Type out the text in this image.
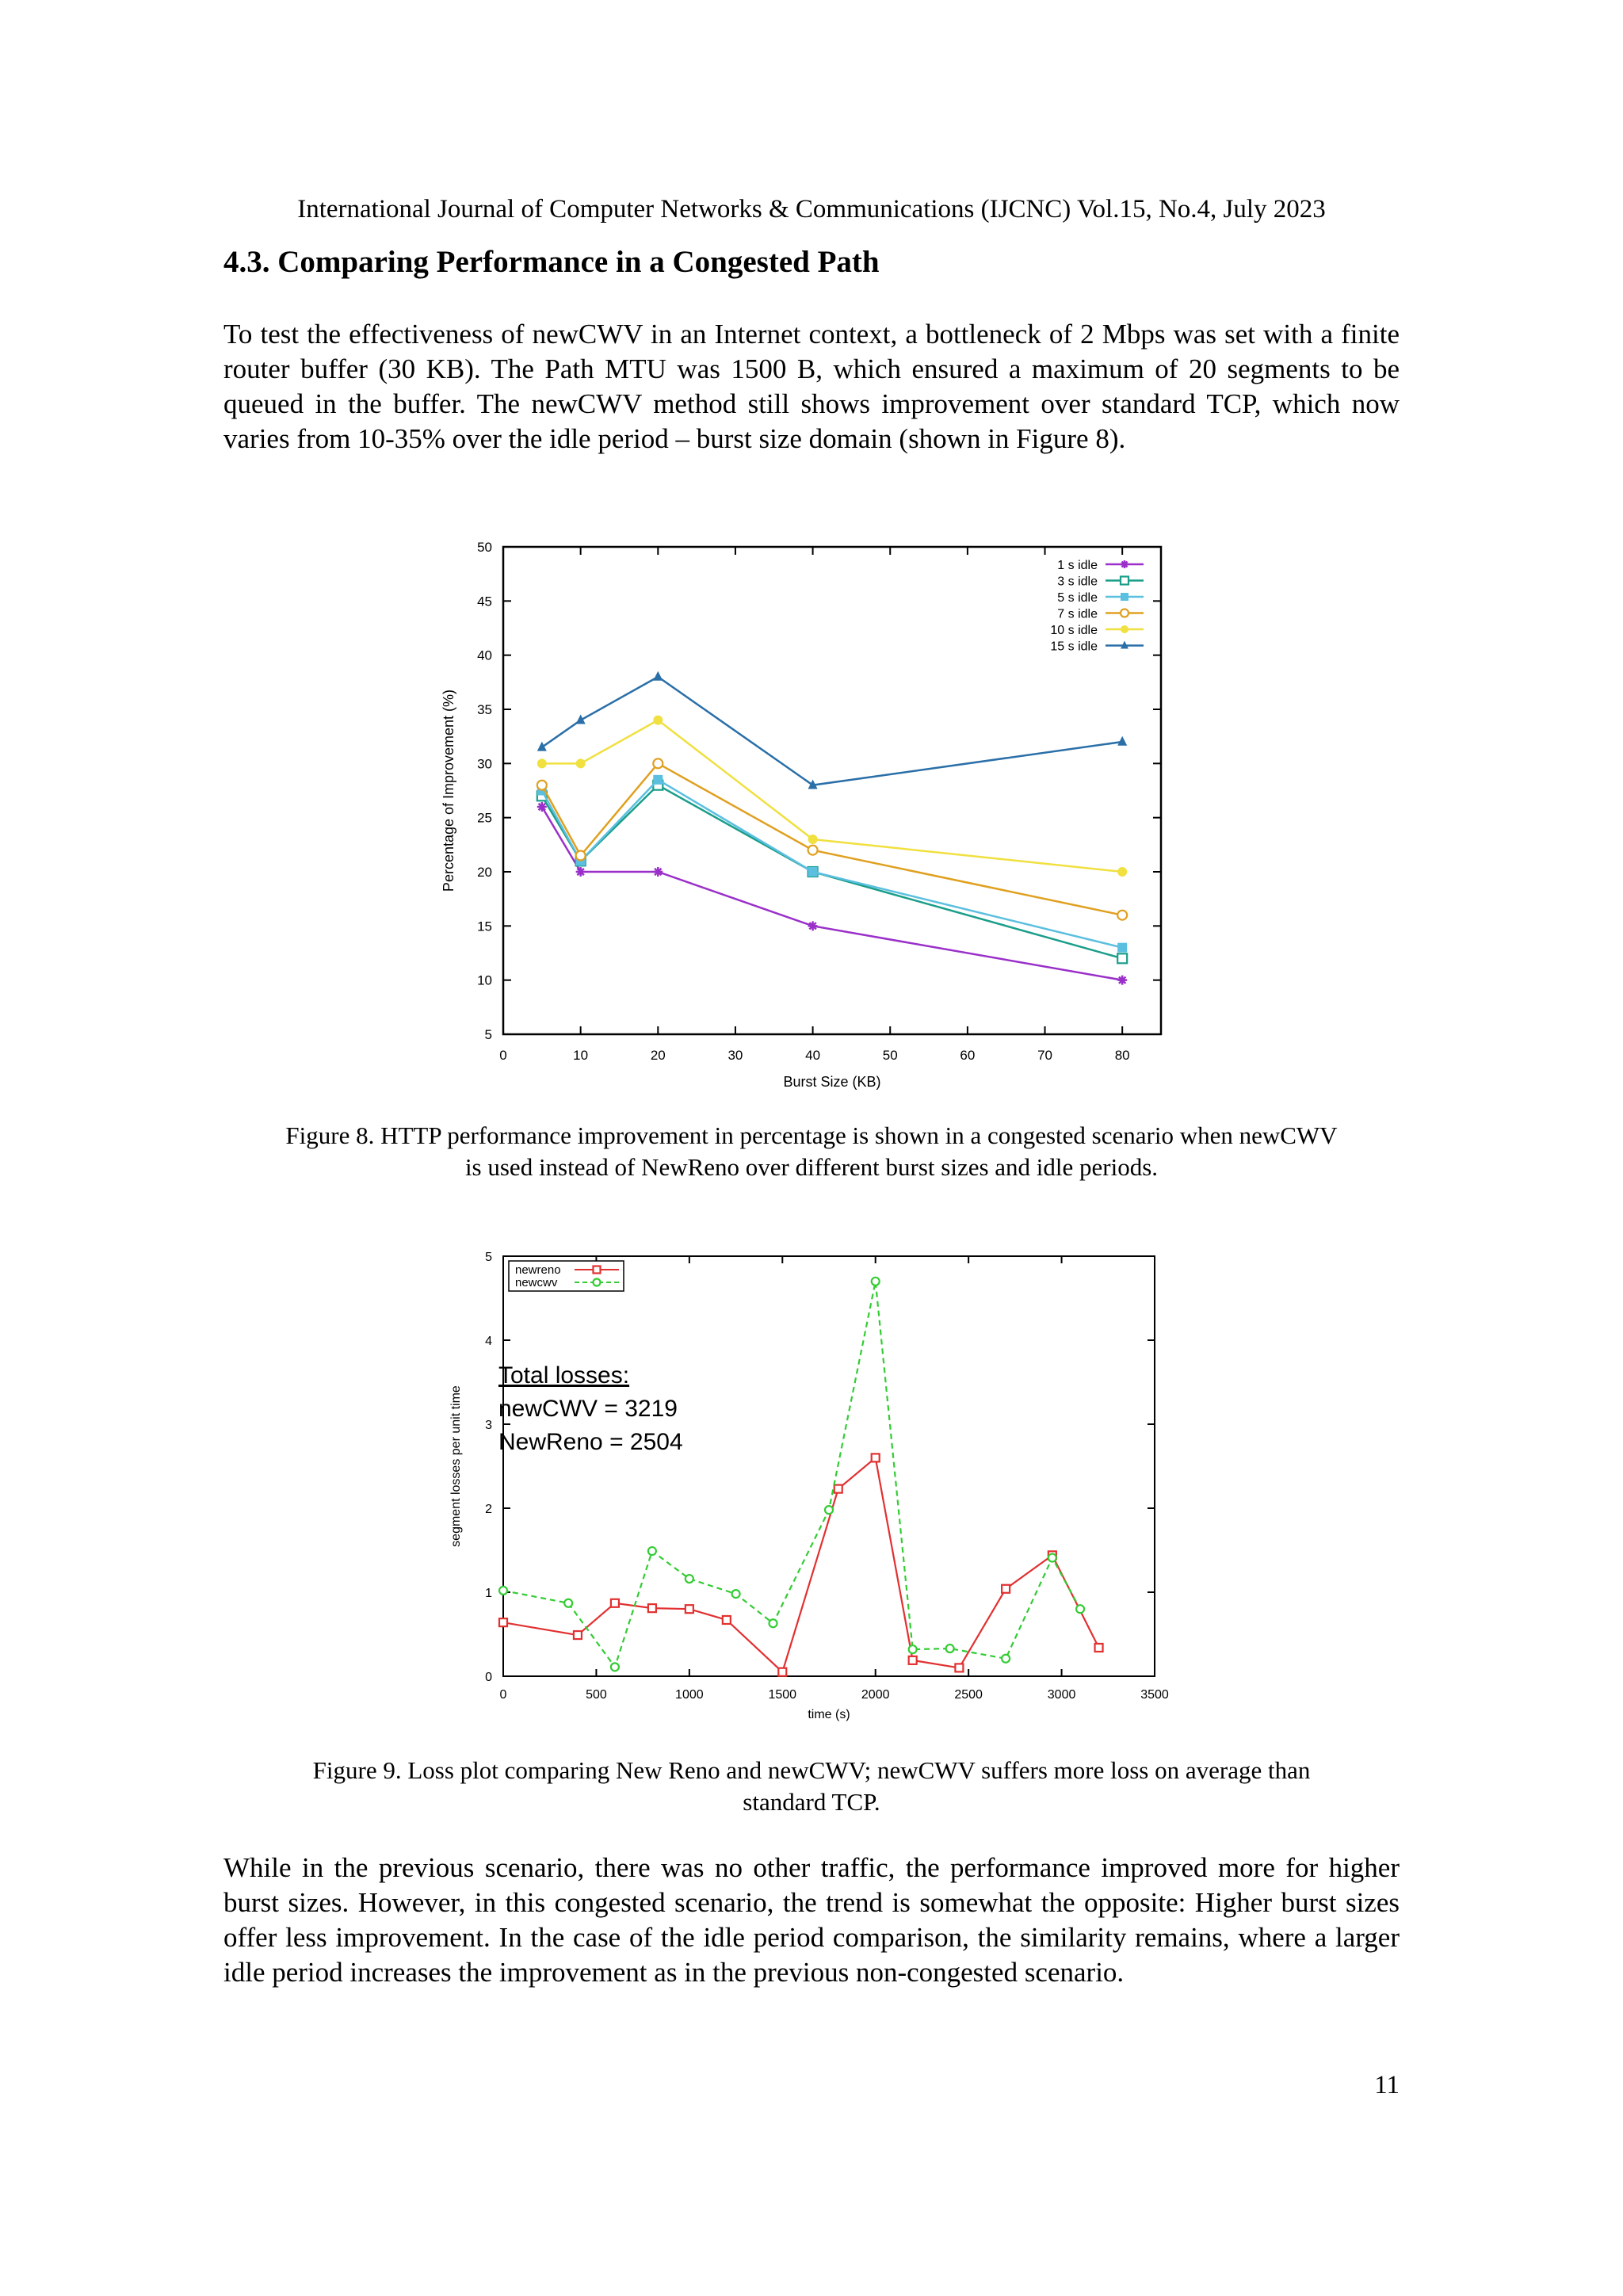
International Journal of Computer Networks & Communications (IJCNC) Vol.15, No.4, July 2023
4.3. Comparing Performance in a Congested Path
To test the effectiveness of newCWV in an Internet context, a bottleneck of 2 Mbps was set with a finite router buffer (30 KB). The Path MTU was 1500 B, which ensured a maximum of 20 segments to be queued in the buffer. The newCWV method still shows improvement over standard TCP, which now varies from 10-35% over the idle period – burst size domain (shown in Figure 8).
0	10	20	30	40	50	60	70	80
5
10
15
20
25
30
35
40
45
50
Burst Size (KB)
Percentage of Improvement (%)
1 s idle
3 s idle
5 s idle
7 s idle
10 s idle
15 s idle
Figure 8. HTTP performance improvement in percentage is shown in a congested scenario when newCWV
is used instead of NewReno over different burst sizes and idle periods.
0	500	1000	1500	2000	2500	3000	3500
0
1
2
3
4
5
time (s)
segment losses per unit time
newreno
newcwv
Total losses:
newCWV = 3219
NewReno = 2504
Figure 9. Loss plot comparing New Reno and newCWV; newCWV suffers more loss on average than
standard TCP.
While in the previous scenario, there was no other traffic, the performance improved more for higher burst sizes. However, in this congested scenario, the trend is somewhat the opposite: Higher burst sizes offer less improvement. In the case of the idle period comparison, the similarity remains, where a larger idle period increases the improvement as in the previous non-congested scenario.
11
